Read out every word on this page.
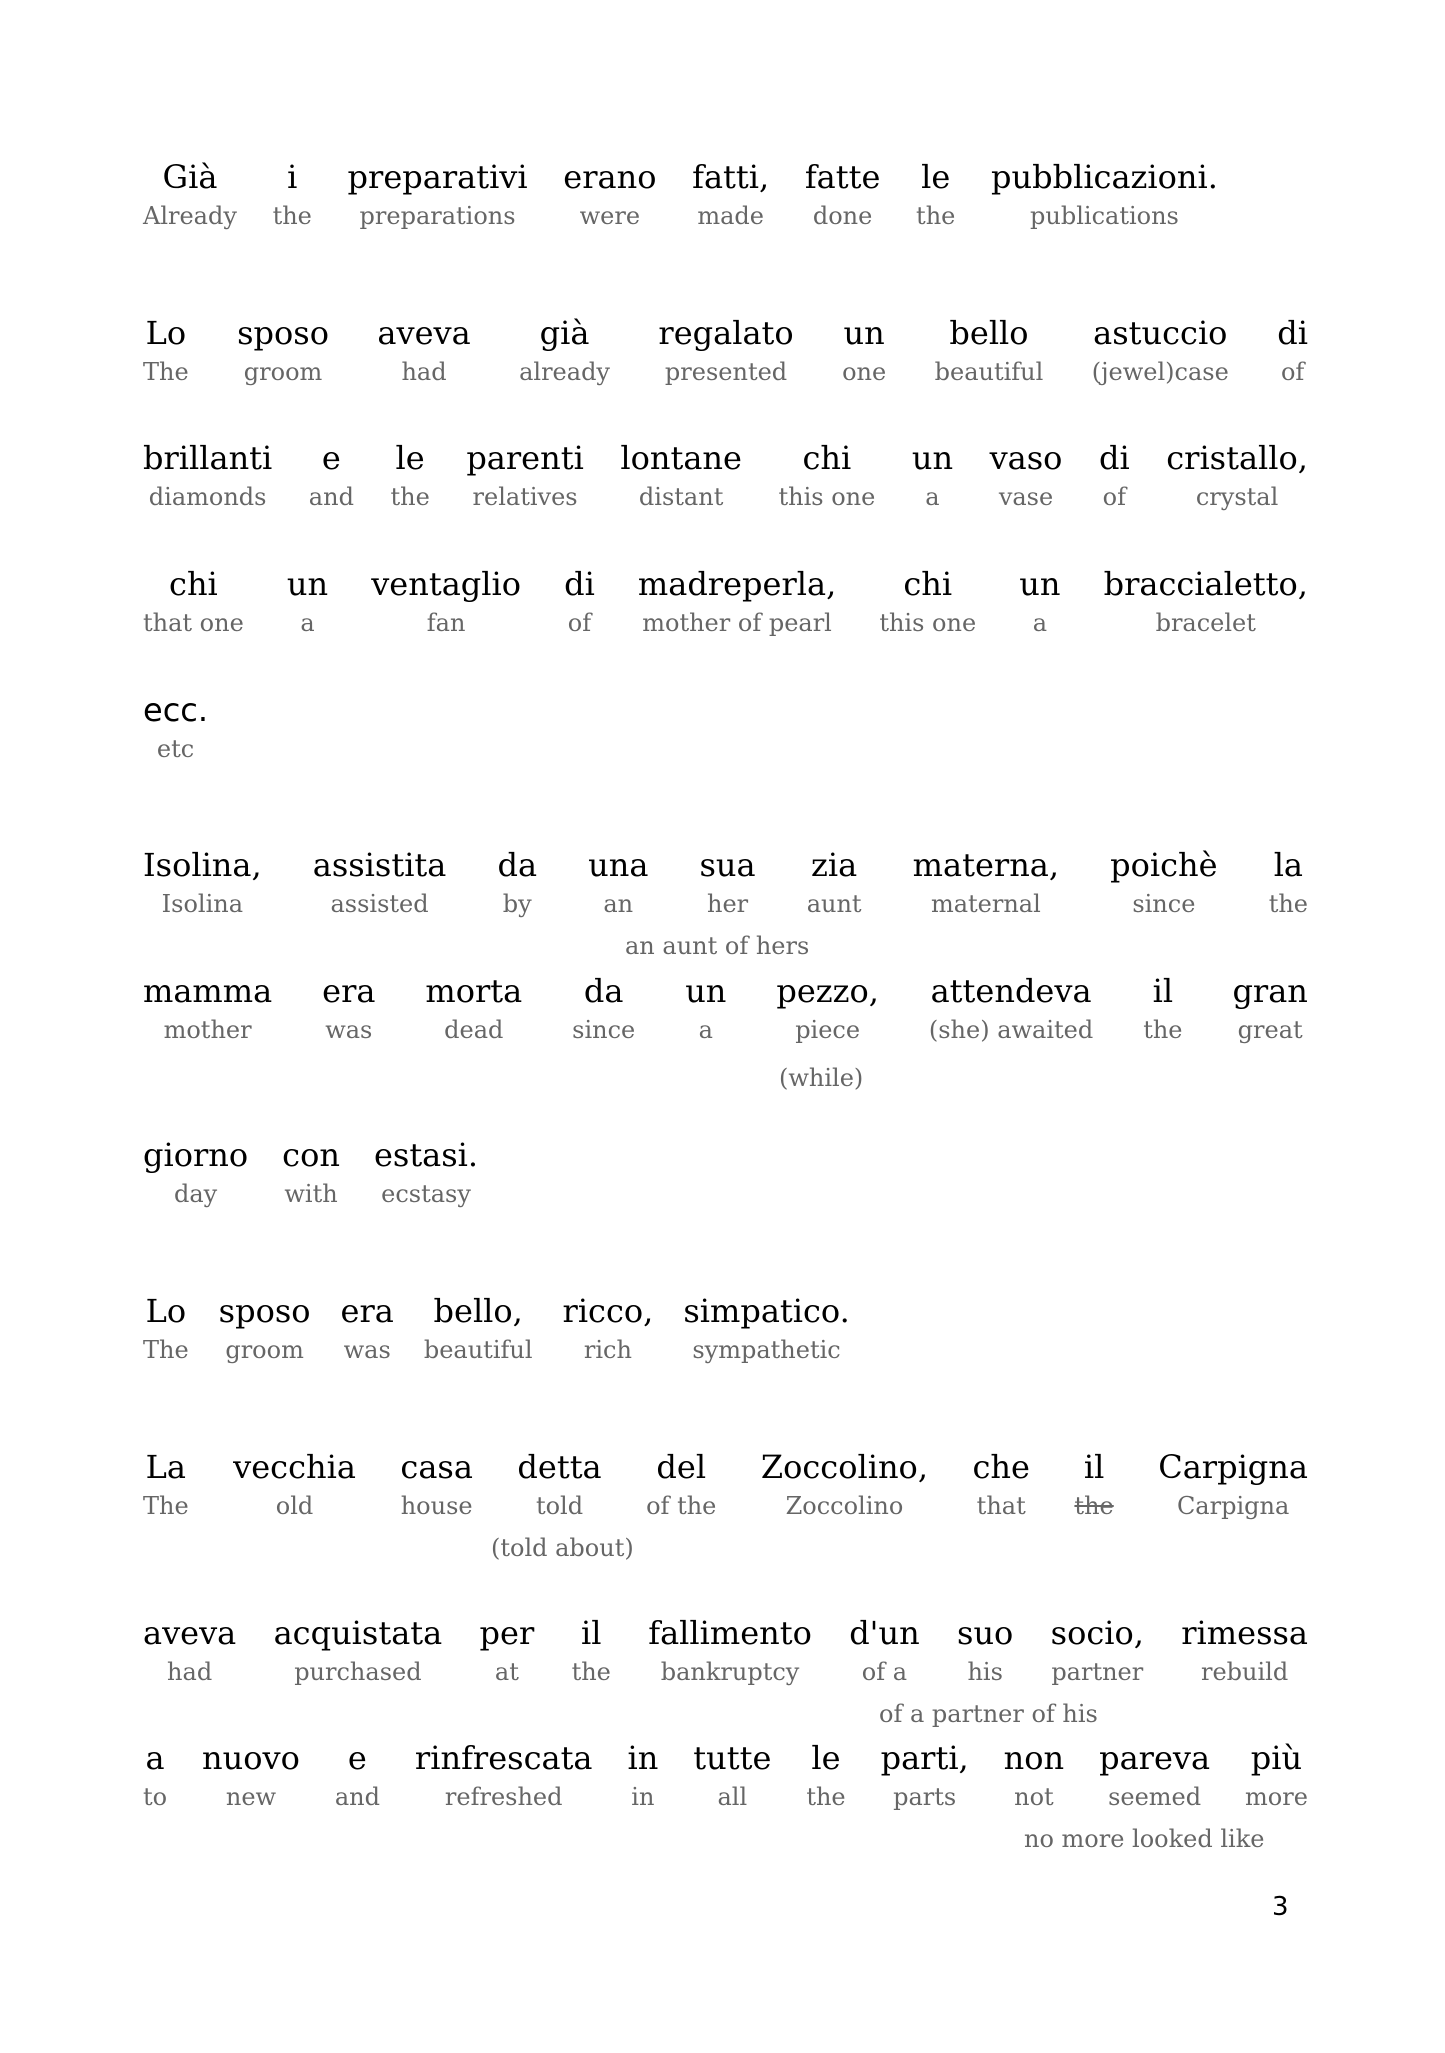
Già
Already
i
the
preparativi
preparations
erano
were
fatti,
made
fatte
done
le
the
pubblicazioni.
publications
Lo
The
sposo
groom
aveva
had
già
already
regalato
presented
un
one
bello
beautiful
astuccio
(jewel)case
di
of
brillanti
diamonds
e
and
le
the
parenti
relatives
lontane
distant
chi
this one
un
a
vaso
vase
di
of
cristallo,
crystal
chi
that one
un
a
ventaglio
fan
di
of
madreperla,
mother of pearl
chi
this one
un
a
braccialetto,
bracelet
ecc.
etc
Isolina,
Isolina
assistita
assisted
da
by
una
an
sua
her
zia
aunt
materna,
maternal
poichè
since
la
the
an aunt of hers
mamma
mother
era
was
morta
dead
da
since
un
a
pezzo,
piece
attendeva
(she) awaited
il
the
gran
great
(while)
giorno
day
con
with
estasi.
ecstasy
Lo
The
sposo
groom
era
was
bello,
beautiful
ricco,
rich
simpatico.
sympathetic
La
The
vecchia
old
casa
house
detta
told
del
of the
Zoccolino,
Zoccolino
che
that
il
the
Carpigna
Carpigna
(told about)
aveva
had
acquistata
purchased
per
at
il
the
fallimento
bankruptcy
d'un
of a
suo
his
socio,
partner
rimessa
rebuild
of a partner of his
a
to
nuovo
new
e
and
rinfrescata
refreshed
in
in
tutte
all
le
the
parti,
parts
non
not
pareva
seemed
più
more
no more looked like
3
